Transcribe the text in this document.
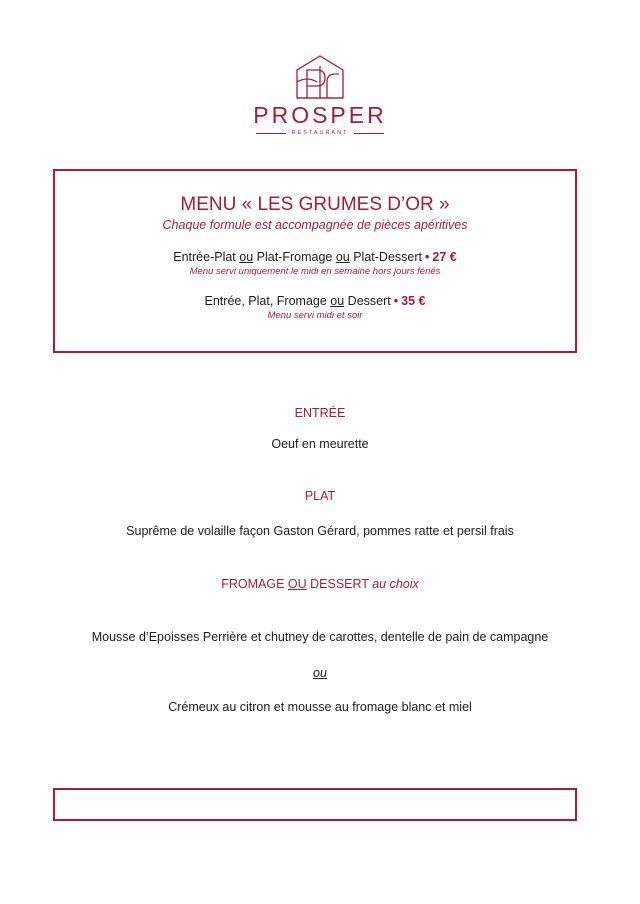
PROSPER
RESTAURANT
MENU « LES GRUMES D’OR »
Chaque formule est accompagnée de pièces apéritives
Entrée-Plat ou Plat-Fromage ou Plat-Dessert • 27 €
Menu servi uniquement le midi en semaine hors jours fériés
Entrée, Plat, Fromage ou Dessert • 35 €
Menu servi midi et soir
ENTRÉE
Oeuf en meurette
PLAT
Suprême de volaille façon Gaston Gérard, pommes ratte et persil frais
FROMAGE OU DESSERT au choix
Mousse d’Epoisses Perrière et chutney de carottes, dentelle de pain de campagne
ou
Crémeux au citron et mousse au fromage blanc et miel
